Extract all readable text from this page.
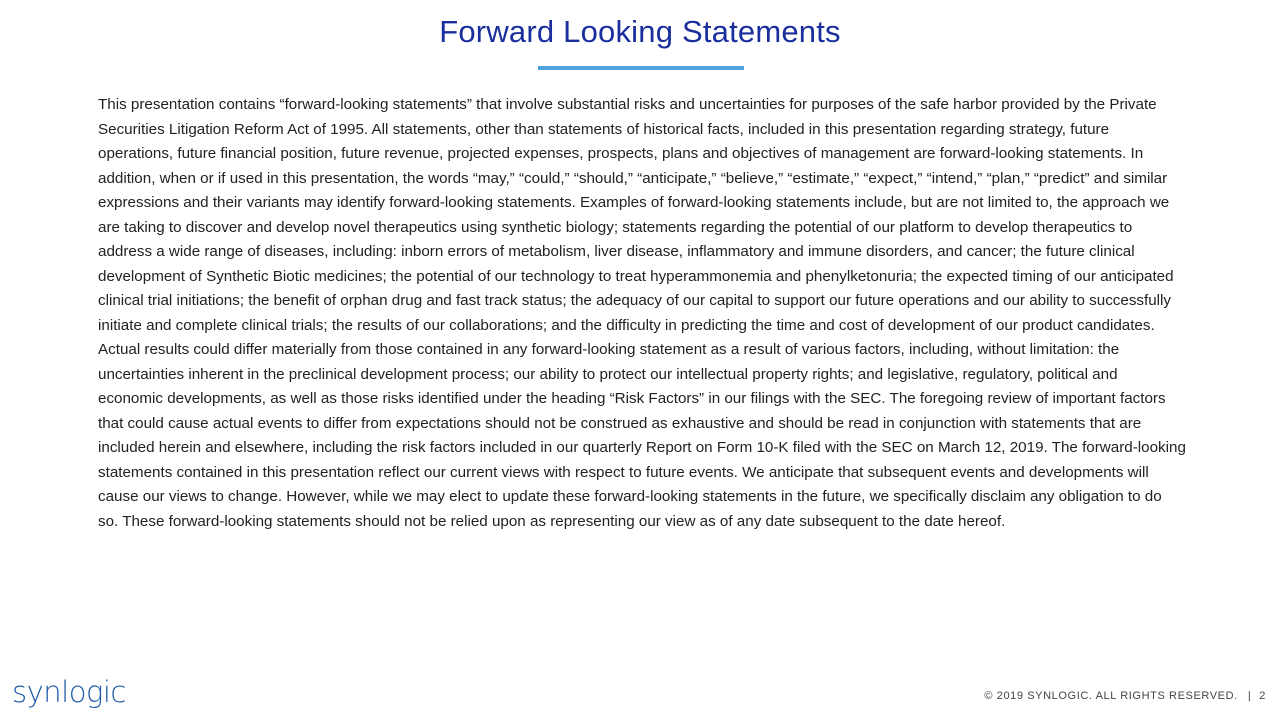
Forward Looking Statements

This presentation contains “forward-looking statements” that involve substantial risks and uncertainties for purposes of the safe harbor provided by the Private Securities Litigation Reform Act of 1995. All statements, other than statements of historical facts, included in this presentation regarding strategy, future operations, future financial position, future revenue, projected expenses, prospects, plans and objectives of management are forward-looking statements. In addition, when or if used in this presentation, the words “may,” “could,” “should,” “anticipate,” “believe,” “estimate,” “expect,” “intend,” “plan,” “predict” and similar expressions and their variants may identify forward-looking statements. Examples of forward-looking statements include, but are not limited to, the approach we are taking to discover and develop novel therapeutics using synthetic biology; statements regarding the potential of our platform to develop therapeutics to address a wide range of diseases, including: inborn errors of metabolism, liver disease, inflammatory and immune disorders, and cancer; the future clinical development of Synthetic Biotic medicines; the potential of our technology to treat hyperammonemia and phenylketonuria; the expected timing of our anticipated clinical trial initiations; the benefit of orphan drug and fast track status; the adequacy of our capital to support our future operations and our ability to successfully initiate and complete clinical trials; the results of our collaborations; and the difficulty in predicting the time and cost of development of our product candidates. Actual results could differ materially from those contained in any forward-looking statement as a result of various factors, including, without limitation: the uncertainties inherent in the preclinical development process; our ability to protect our intellectual property rights; and legislative, regulatory, political and economic developments, as well as those risks identified under the heading “Risk Factors” in our filings with the SEC. The foregoing review of important factors that could cause actual events to differ from expectations should not be construed as exhaustive and should be read in conjunction with statements that are included herein and elsewhere, including the risk factors included in our quarterly Report on Form 10-K filed with the SEC on March 12, 2019. The forward-looking statements contained in this presentation reflect our current views with respect to future events. We anticipate that subsequent events and developments will cause our views to change. However, while we may elect to update these forward-looking statements in the future, we specifically disclaim any obligation to do so. These forward-looking statements should not be relied upon as representing our view as of any date subsequent to the date hereof.

synlogic	© 2019 SYNLOGIC. ALL RIGHTS RESERVED. | 2
